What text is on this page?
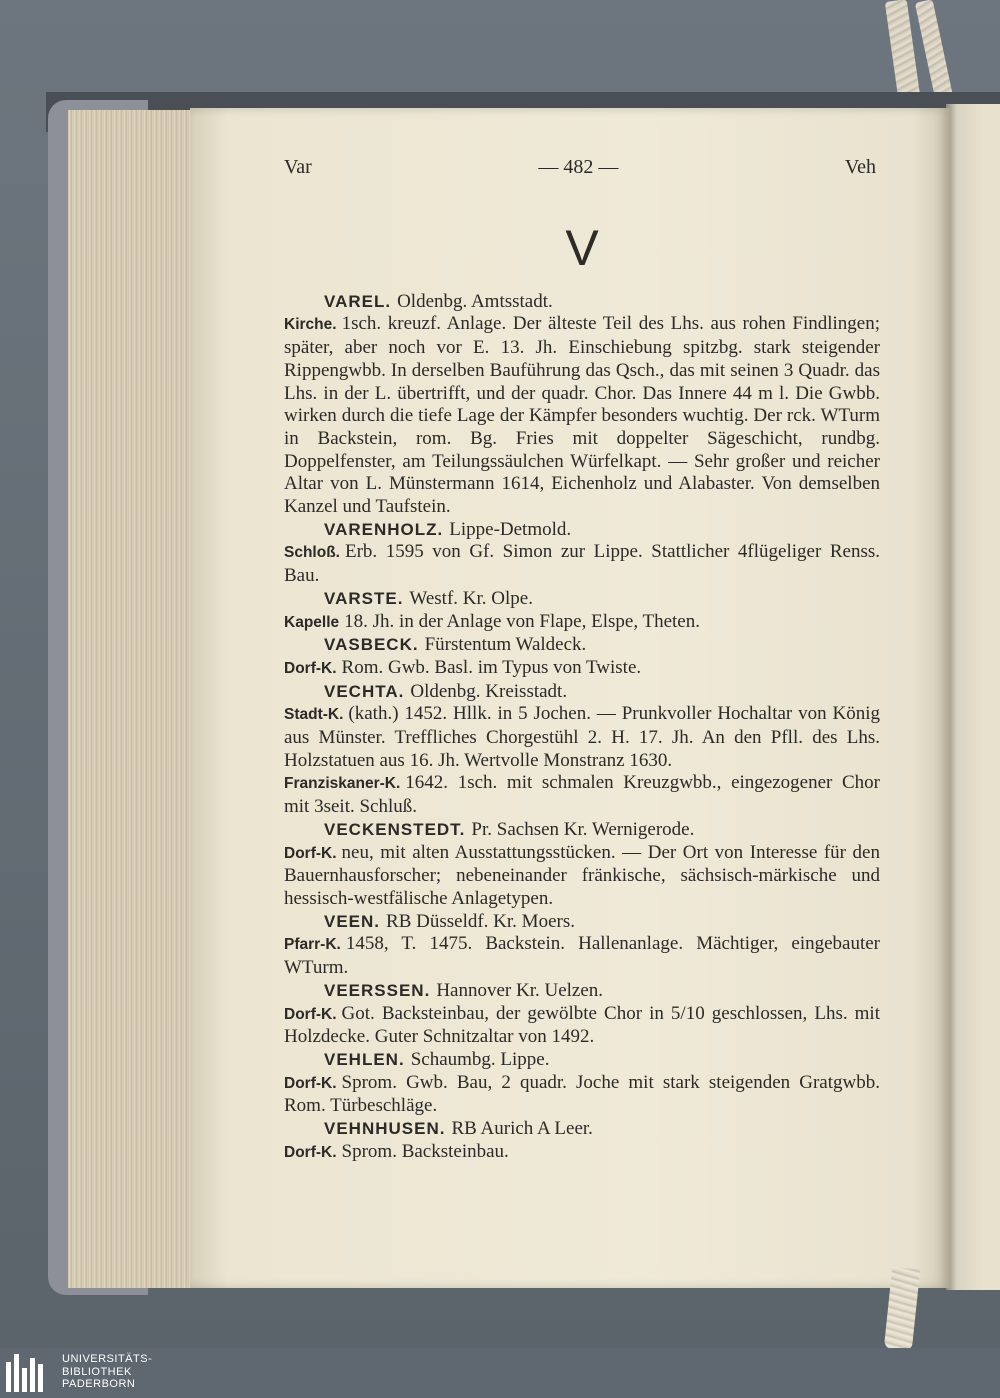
Var	— 482 —	Veh
V
VAREL. Oldenbg. Amtsstadt.

Kirche. 1sch. kreuzf. Anlage. Der älteste Teil des Lhs. aus rohen Findlingen; später, aber noch vor E. 13. Jh. Einschiebung spitzbg. stark steigender Rippengwbb. In derselben Bauführung das Qsch., das mit seinen 3 Quadr. das Lhs. in der L. übertrifft, und der quadr. Chor. Das Innere 44 m l. Die Gwbb. wirken durch die tiefe Lage der Kämpfer besonders wuchtig. Der rck. WTurm in Backstein, rom. Bg. Fries mit doppelter Sägeschicht, rundbg. Doppelfenster, am Teilungssäulchen Würfelkapt. — Sehr großer und reicher Altar von L. Münstermann 1614, Eichenholz und Alabaster. Von demselben Kanzel und Taufstein.

VARENHOLZ. Lippe-Detmold.

Schloß. Erb. 1595 von Gf. Simon zur Lippe. Stattlicher 4flügeliger Renss. Bau.

VARSTE. Westf. Kr. Olpe.

Kapelle 18. Jh. in der Anlage von Flape, Elspe, Theten.

VASBECK. Fürstentum Waldeck.

Dorf-K. Rom. Gwb. Basl. im Typus von Twiste.

VECHTA. Oldenbg. Kreisstadt.

Stadt-K. (kath.) 1452. Hllk. in 5 Jochen. — Prunkvoller Hochaltar von König aus Münster. Treffliches Chorgestühl 2. H. 17. Jh. An den Pfll. des Lhs. Holzstatuen aus 16. Jh. Wertvolle Monstranz 1630.

Franziskaner-K. 1642. 1sch. mit schmalen Kreuzgwbb., eingezogener Chor mit 3seit. Schluß.

VECKENSTEDT. Pr. Sachsen Kr. Wernigerode.

Dorf-K. neu, mit alten Ausstattungsstücken. — Der Ort von Interesse für den Bauernhausforscher; nebeneinander fränkische, sächsisch-märkische und hessisch-westfälische Anlagetypen.

VEEN. RB Düsseldf. Kr. Moers.

Pfarr-K. 1458, T. 1475. Backstein. Hallenanlage. Mächtiger, eingebauter WTurm.

VEERSSEN. Hannover Kr. Uelzen.

Dorf-K. Got. Backsteinbau, der gewölbte Chor in 5/10 geschlossen, Lhs. mit Holzdecke. Guter Schnitzaltar von 1492.

VEHLEN. Schaumbg. Lippe.

Dorf-K. Sprom. Gwb. Bau, 2 quadr. Joche mit stark steigenden Gratgwbb. Rom. Türbeschläge.

VEHNHUSEN. RB Aurich A Leer.

Dorf-K. Sprom. Backsteinbau.

UNIVERSITÄTS-
BIBLIOTHEK
PADERBORN
